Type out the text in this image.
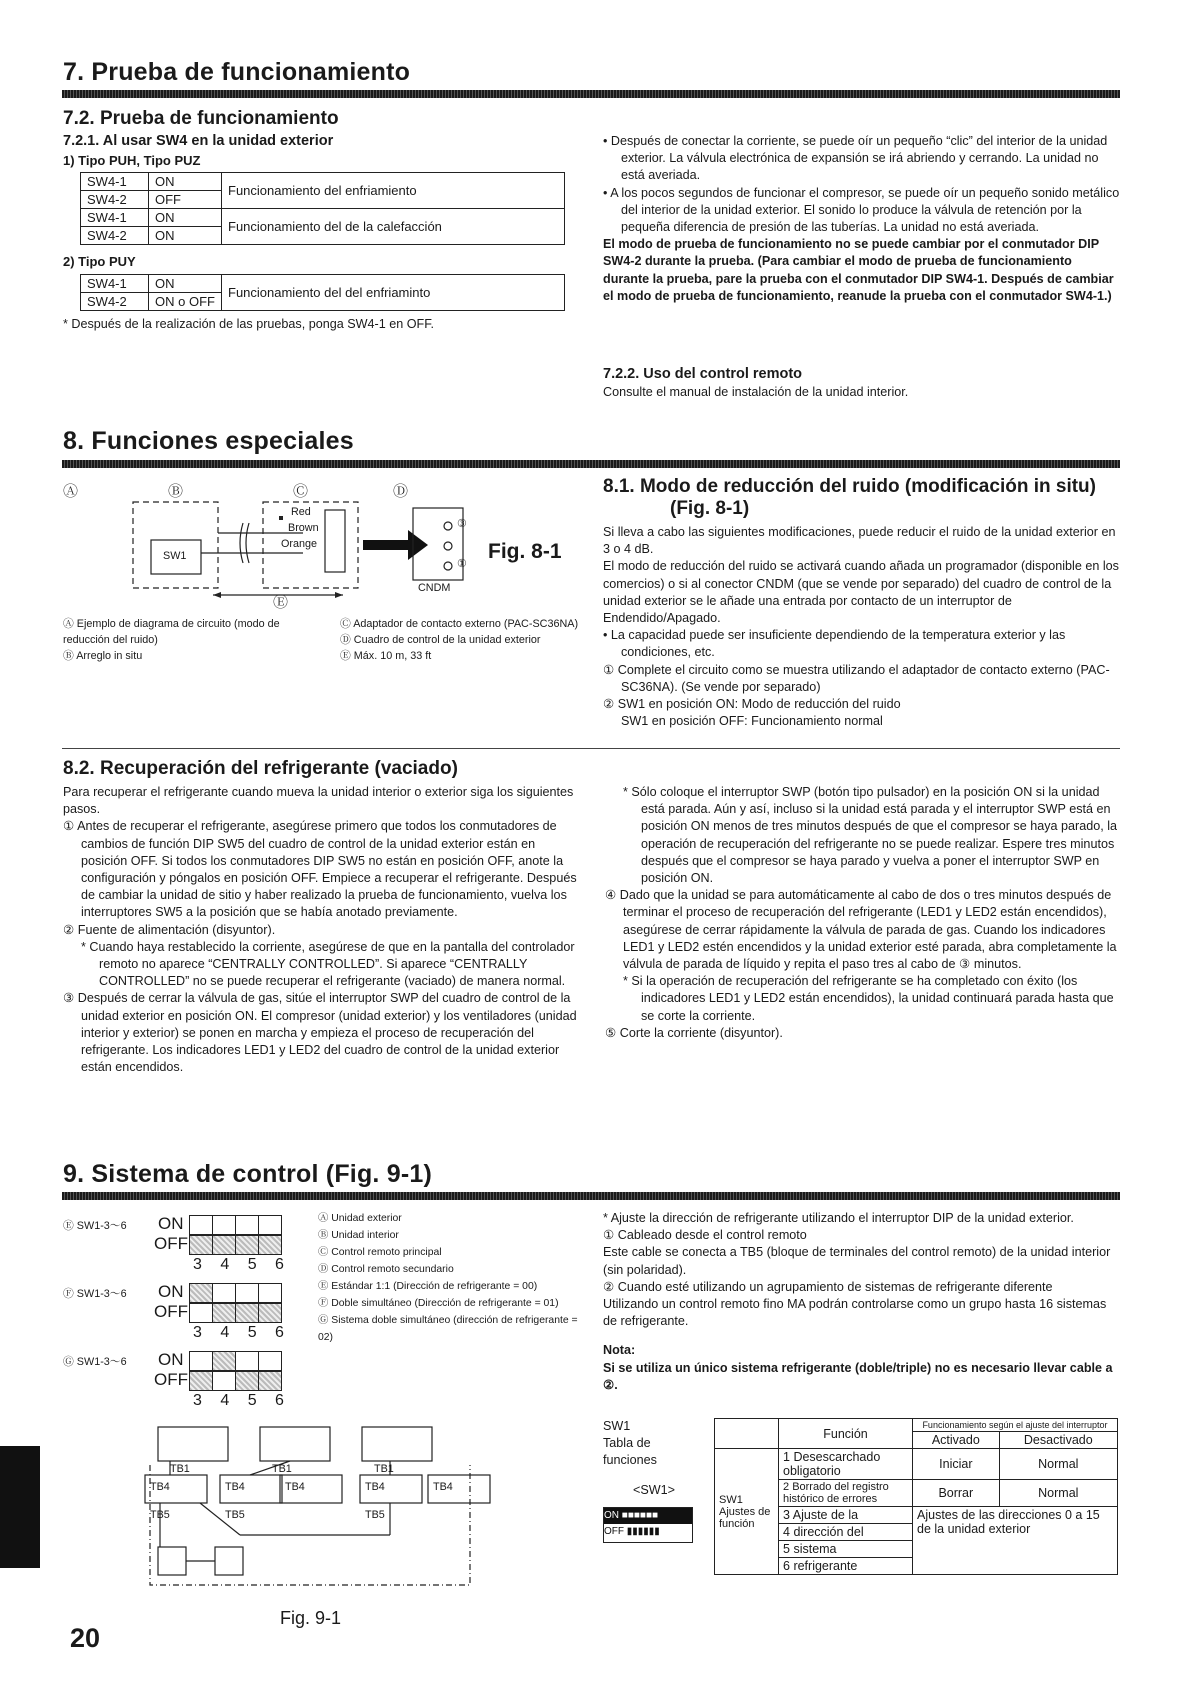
7. Prueba de funcionamiento
7.2. Prueba de funcionamiento
7.2.1. Al usar SW4 en la unidad exterior
1) Tipo PUH, Tipo PUZ
SW4-1	ON	Funcionamiento del enfriamiento
SW4-2	OFF	
SW4-1	ON	Funcionamiento del de la calefacción
SW4-2	ON	
2) Tipo PUY
SW4-1	ON	Funcionamiento del del enfriaminto
SW4-2	ON o OFF	
* Después de la realización de las pruebas, ponga SW4-1 en OFF.

• Después de conectar la corriente, se puede oír un pequeño “clic” del interior de la unidad exterior. La válvula electrónica de expansión se irá abriendo y cerrando. La unidad no está averiada.

• A los pocos segundos de funcionar el compresor, se puede oír un pequeño sonido metálico del interior de la unidad exterior. El sonido lo produce la válvula de retención por la pequeña diferencia de presión de las tuberías. La unidad no está averiada.

El modo de prueba de funcionamiento no se puede cambiar por el conmutador DIP SW4-2 durante la prueba. (Para cambiar el modo de prueba de funcionamiento durante la prueba, pare la prueba con el conmutador DIP SW4-1. Después de cambiar el modo de prueba de funcionamiento, reanude la prueba con el conmutador SW4-1.)

7.2.2. Uso del control remoto
Consulte el manual de instalación de la unidad interior.
8. Funciones especiales
Ⓐ	Ⓑ	Ⓒ	Ⓓ
Ⓔ
Red
Brown
Orange
SW1
CNDM
③
①
Fig. 8-1
Ⓐ Ejemplo de diagrama de circuito (modo de reducción del ruido)
Ⓑ Arreglo in situ
Ⓒ Adaptador de contacto externo (PAC-SC36NA)
Ⓓ Cuadro de control de la unidad exterior
Ⓔ Máx. 10 m, 33 ft
8.1. Modo de reducción del ruido (modificación in situ)
(Fig. 8-1)

Si lleva a cabo las siguientes modificaciones, puede reducir el ruido de la unidad exterior en 3 o 4 dB.

El modo de reducción del ruido se activará cuando añada un programador (disponible en los comercios) o si al conector CNDM (que se vende por separado) del cuadro de control de la unidad exterior se le añade una entrada por contacto de un interruptor de Endendido/Apagado.

• La capacidad puede ser insuficiente dependiendo de la temperatura exterior y las condiciones, etc.

① Complete el circuito como se muestra utilizando el adaptador de contacto externo (PAC-SC36NA). (Se vende por separado)

② SW1 en posición ON: Modo de reducción del ruido

SW1 en posición OFF: Funcionamiento normal

8.2. Recuperación del refrigerante (vaciado)

Para recuperar el refrigerante cuando mueva la unidad interior o exterior siga los siguientes pasos.

① Antes de recuperar el refrigerante, asegúrese primero que todos los conmutadores de cambios de función DIP SW5 del cuadro de control de la unidad exterior están en posición OFF. Si todos los conmutadores DIP SW5 no están en posición OFF, anote la configuración y póngalos en posición OFF. Empiece a recuperar el refrigerante. Después de cambiar la unidad de sitio y haber realizado la prueba de funcionamiento, vuelva los interruptores SW5 a la posición que se había anotado previamente.

② Fuente de alimentación (disyuntor).

* Cuando haya restablecido la corriente, asegúrese de que en la pantalla del controlador remoto no aparece “CENTRALLY CONTROLLED”. Si aparece “CENTRALLY CONTROLLED” no se puede recuperar el refrigerante (vaciado) de manera normal.

③ Después de cerrar la válvula de gas, sitúe el interruptor SWP del cuadro de control de la unidad exterior en posición ON. El compresor (unidad exterior) y los ventiladores (unidad interior y exterior) se ponen en marcha y empieza el proceso de recuperación del refrigerante. Los indicadores LED1 y LED2 del cuadro de control de la unidad exterior están encendidos.

* Sólo coloque el interruptor SWP (botón tipo pulsador) en la posición ON si la unidad está parada. Aún y así, incluso si la unidad está parada y el interruptor SWP está en posición ON menos de tres minutos después de que el compresor se haya parado, la operación de recuperación del refrigerante no se puede realizar. Espere tres minutos después que el compresor se haya parado y vuelva a poner el interruptor SWP en posición ON.

④ Dado que la unidad se para automáticamente al cabo de dos o tres minutos después de terminar el proceso de recuperación del refrigerante (LED1 y LED2 están encendidos), asegúrese de cerrar rápidamente la válvula de parada de gas. Cuando los indicadores LED1 y LED2 estén encendidos y la unidad exterior esté parada, abra completamente la válvula de parada de líquido y repita el paso tres al cabo de ③ minutos.

* Si la operación de recuperación del refrigerante se ha completado con éxito (los indicadores LED1 y LED2 están encendidos), la unidad continuará parada hasta que se corte la corriente.

⑤ Corte la corriente (disyuntor).

9. Sistema de control (Fig. 9-1)
Ⓔ SW1-3～6 ON
OFF
3 4 5 6
Ⓕ SW1-3～6 ON
OFF
3 4 5 6
Ⓖ SW1-3～6 ON
OFF
3 4 5 6
Ⓐ Unidad exterior
Ⓑ Unidad interior
Ⓒ Control remoto principal
Ⓓ Control remoto secundario
Ⓔ Estándar 1:1 (Dirección de refrigerante = 00)
Ⓕ Doble simultáneo (Dirección de refrigerante = 01)
Ⓖ Sistema doble simultáneo (dirección de refrigerante = 02)
TB1	TB1	TB1
TB4	TB4	TB4	TB4	TB4
TB5	TB5	TB5
Fig. 9-1

* Ajuste la dirección de refrigerante utilizando el interruptor DIP de la unidad exterior.

① Cableado desde el control remoto

Este cable se conecta a TB5 (bloque de terminales del control remoto) de la unidad interior (sin polaridad).

② Cuando esté utilizando un agrupamiento de sistemas de refrigerante diferente

Utilizando un control remoto fino MA podrán controlarse como un grupo hasta 16 sistemas de refrigerante.

Nota:

Si se utiliza un único sistema refrigerante (doble/triple) no es necesario llevar cable a ②.

SW1
Tabla de funciones
<SW1>
ON ■■■■■■
OFF ▮▮▮▮▮▮
	Función	Funcionamiento según el ajuste del interruptor	
		Activado	Desactivado
SW1 Ajustes de función	1 Desescarchado obligatorio	Iniciar	Normal
	2 Borrado del registro histórico de errores	Borrar	Normal
	3 Ajuste de la	Ajustes de las direcciones 0 a 15 de la unidad exterior	
	4 dirección del		
	5 sistema		
	6 refrigerante		
20
